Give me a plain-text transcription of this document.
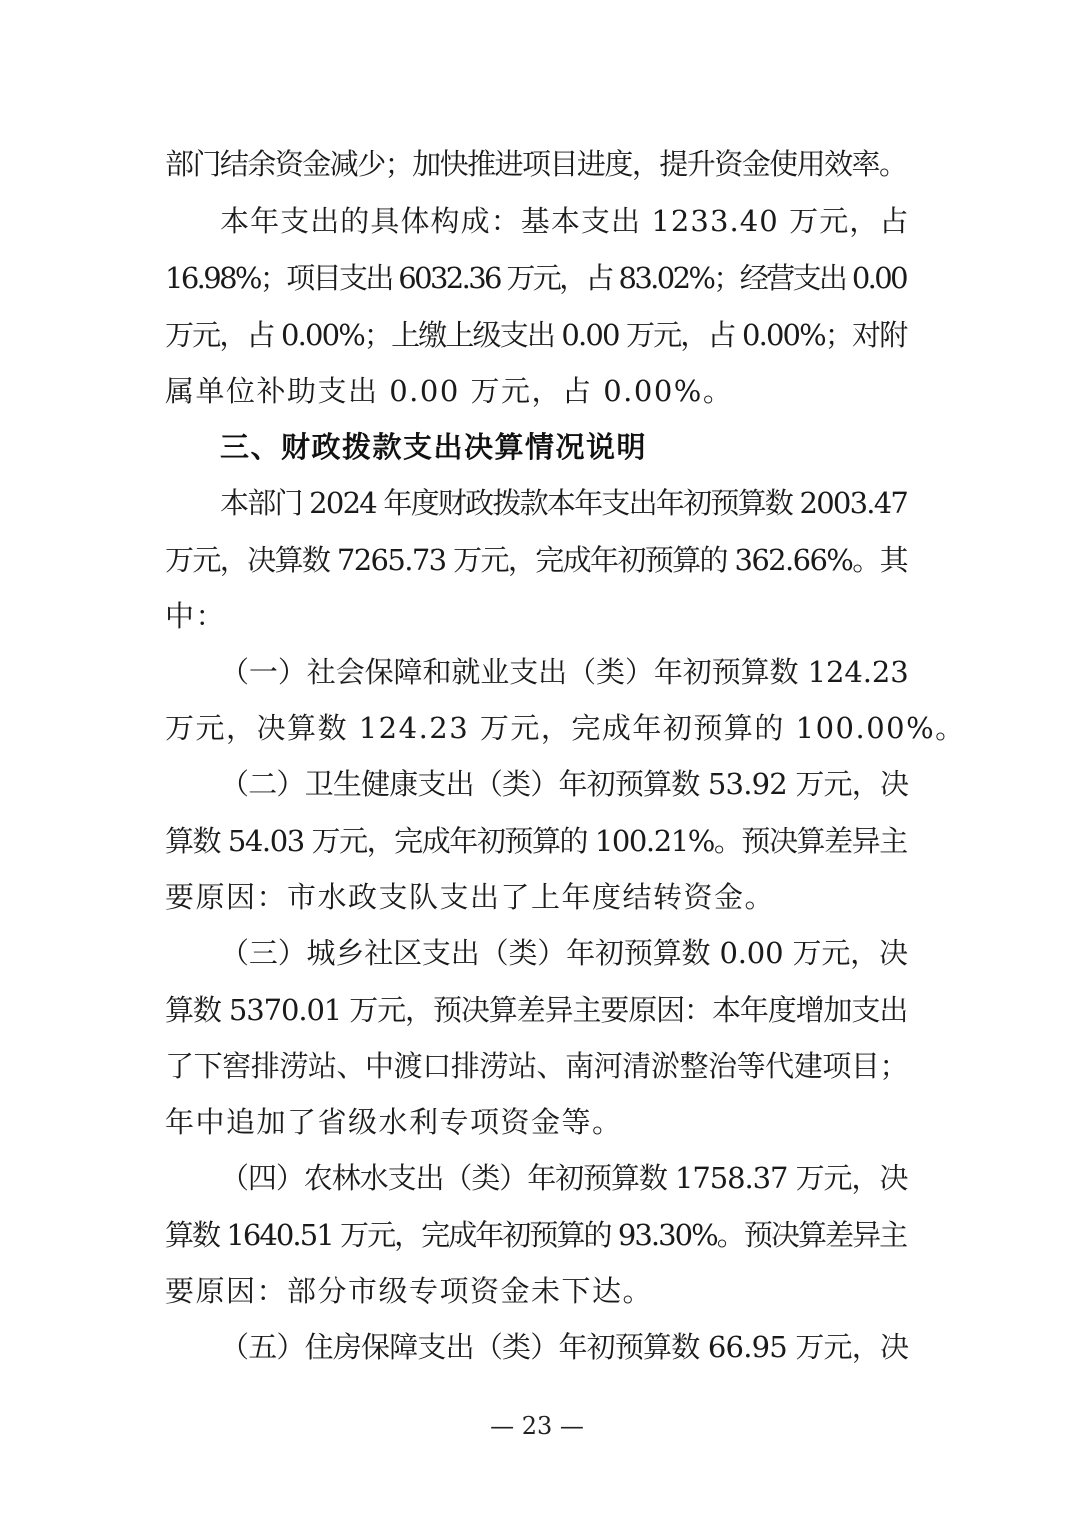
部门结余资金减少；加快推进项目进度，提升资金使用效率。
本年支出的具体构成：基本支出 1233.40 万元，占
16.98%；项目支出 6032.36 万元，占 83.02%；经营支出 0.00
万元，占 0.00%；上缴上级支出 0.00 万元，占 0.00%；对附
属单位补助支出 0.00 万元，占 0.00%。
三、财政拨款支出决算情况说明
本部门 2024 年度财政拨款本年支出年初预算数 2003.47
万元，决算数 7265.73 万元，完成年初预算的 362.66%。其
中：
（一）社会保障和就业支出（类）年初预算数 124.23
万元，决算数 124.23 万元，完成年初预算的 100.00%。
（二）卫生健康支出（类）年初预算数 53.92 万元，决
算数 54.03 万元，完成年初预算的 100.21%。预决算差异主
要原因：市水政支队支出了上年度结转资金。
（三）城乡社区支出（类）年初预算数 0.00 万元，决
算数 5370.01 万元，预决算差异主要原因：本年度增加支出
了下窖排涝站、中渡口排涝站、南河清淤整治等代建项目；
年中追加了省级水利专项资金等。
（四）农林水支出（类）年初预算数 1758.37 万元，决
算数 1640.51 万元，完成年初预算的 93.30%。预决算差异主
要原因：部分市级专项资金未下达。
（五）住房保障支出（类）年初预算数 66.95 万元，决
— 23 —
